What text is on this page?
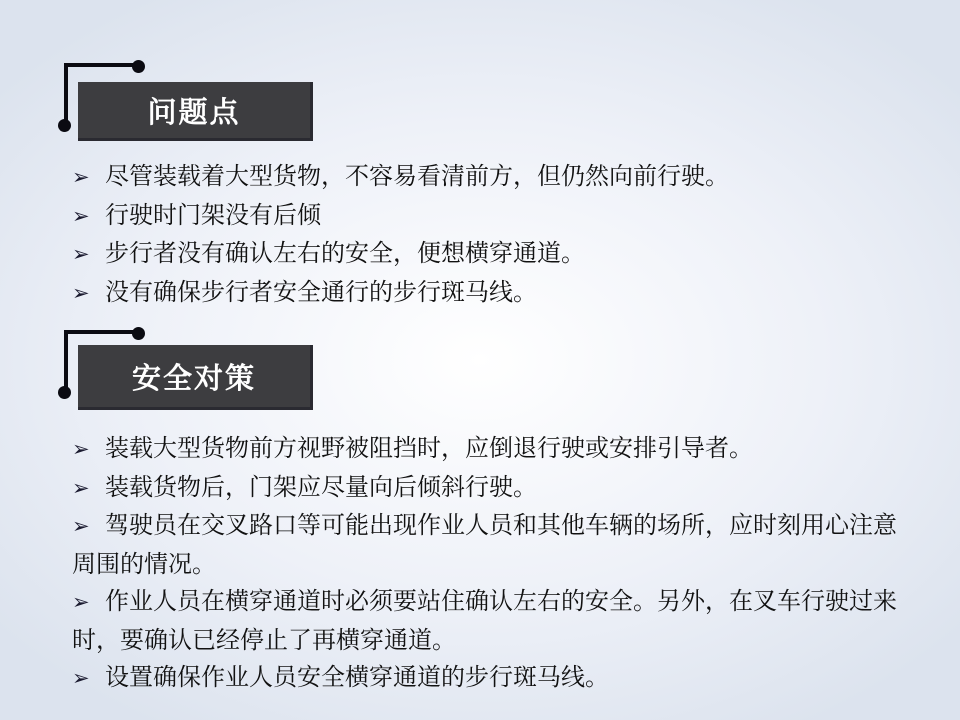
问题点

➢ 尽管装载着大型货物，不容易看清前方，但仍然向前行驶。

➢ 行驶时门架没有后倾

➢ 步行者没有确认左右的安全，便想横穿通道。

➢ 没有确保步行者安全通行的步行斑马线。

安全对策

➢ 装载大型货物前方视野被阻挡时，应倒退行驶或安排引导者。

➢ 装载货物后，门架应尽量向后倾斜行驶。

➢ 驾驶员在交叉路口等可能出现作业人员和其他车辆的场所，应时刻用心注意周围的情况。

➢ 作业人员在横穿通道时必须要站住确认左右的安全。另外，在叉车行驶过来时，要确认已经停止了再横穿通道。

➢ 设置确保作业人员安全横穿通道的步行斑马线。
